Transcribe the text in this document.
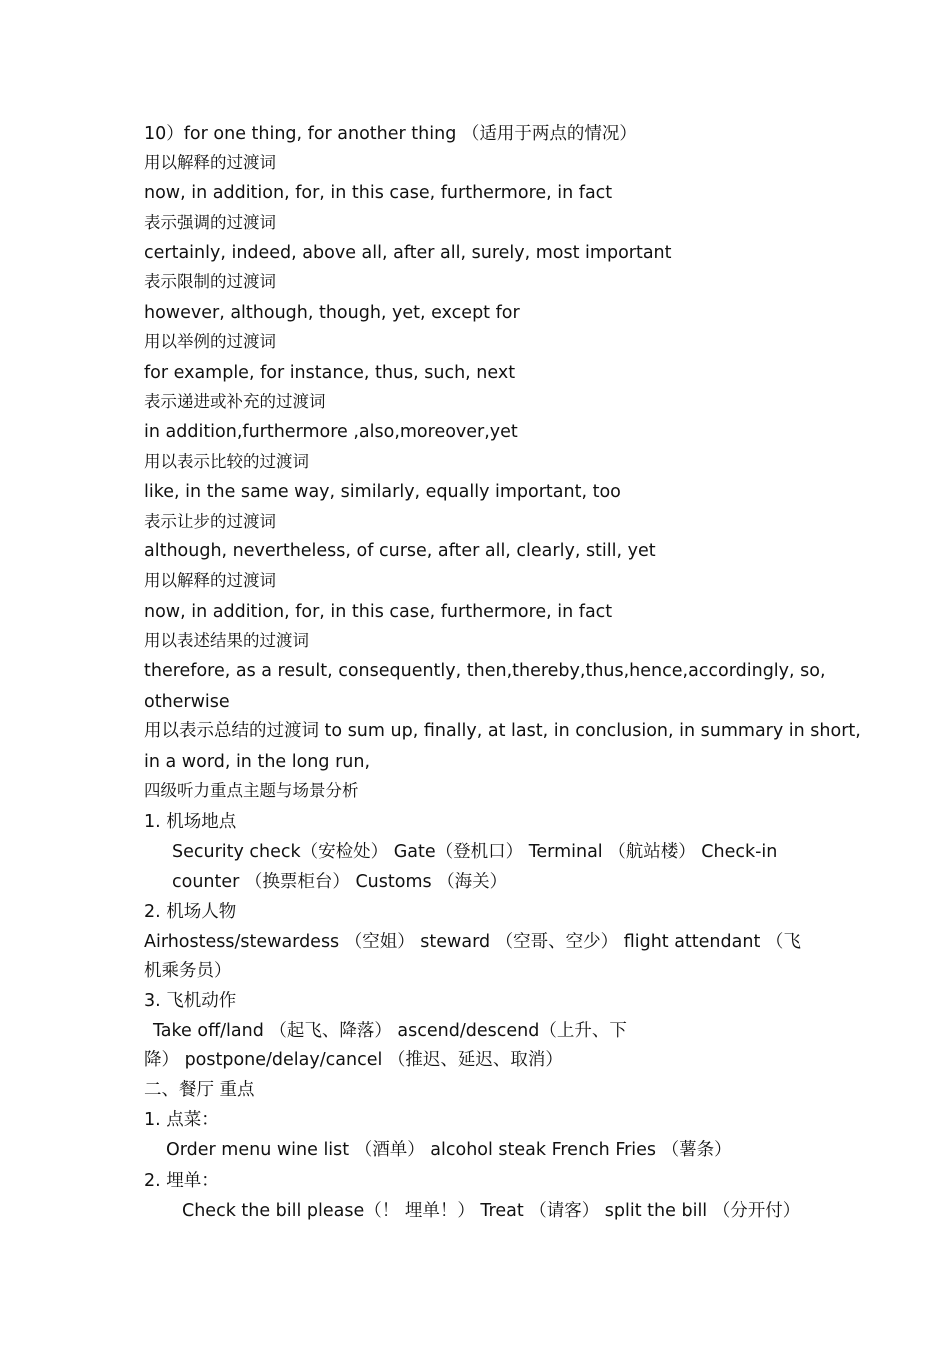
10）for one thing, for another thing （适用于两点的情况）
用以解释的过渡词
now, in addition, for, in this case, furthermore, in fact
表示强调的过渡词
certainly, indeed, above all, after all, surely, most important
表示限制的过渡词
however, although, though, yet, except for
用以举例的过渡词
for example, for instance, thus, such, next
表示递进或补充的过渡词
in addition,furthermore ,also,moreover,yet
用以表示比较的过渡词
like, in the same way, similarly, equally important, too
表示让步的过渡词
although, nevertheless, of curse, after all, clearly, still, yet
用以解释的过渡词
now, in addition, for, in this case, furthermore, in fact
用以表述结果的过渡词
therefore, as a result, consequently, then,thereby,thus,hence,accordingly, so,
otherwise
用以表示总结的过渡词 to sum up, finally, at last, in conclusion, in summary in short,
in a word, in the long run,
四级听力重点主题与场景分析
1. 机场地点
Security check（安检处） Gate（登机口） Terminal （航站楼） Check-in
counter （换票柜台） Customs （海关）
2. 机场人物
Airhostess/stewardess （空姐） steward （空哥、空少） flight attendant （飞
机乘务员）
3. 飞机动作
Take off/land （起飞、降落） ascend/descend（上升、下
降） postpone/delay/cancel （推迟、延迟、取消）
二、餐厅 重点
1. 点菜：
Order menu wine list （酒单） alcohol steak French Fries （薯条）
2. 埋单：
Check the bill please（！ 埋单！） Treat （请客） split the bill （分开付）
